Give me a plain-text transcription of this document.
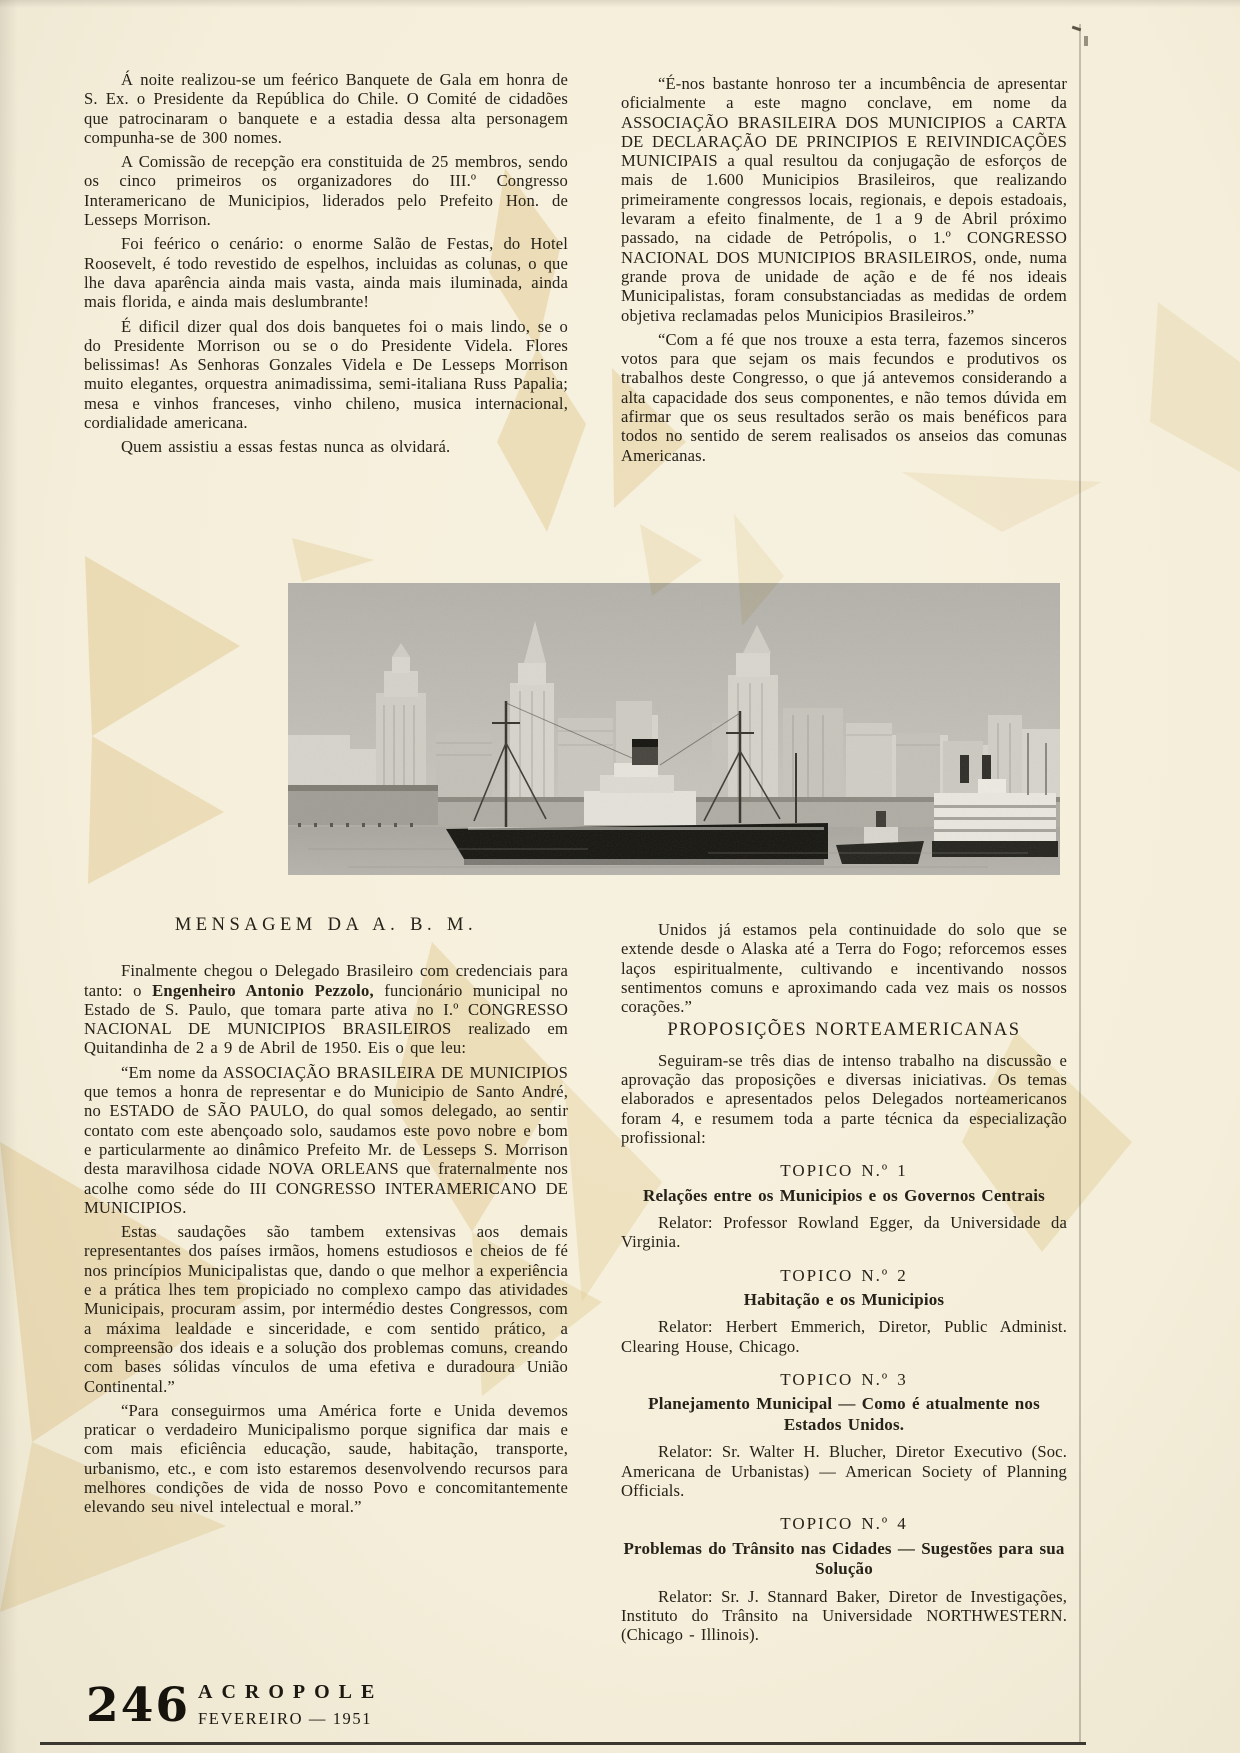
Á noite realizou-se um feérico Banquete de Gala em honra de S. Ex. o Presidente da República do Chile. O Comité de cidadões que patrocinaram o banquete e a estadia dessa alta personagem compunha-se de 300 nomes.

A Comissão de recepção era constituida de 25 membros, sendo os cinco primeiros os organizadores do III.º Congresso Interamericano de Municipios, liderados pelo Prefeito Hon. de Lesseps Morrison.

Foi feérico o cenário: o enorme Salão de Festas, do Hotel Roosevelt, é todo revestido de espelhos, incluidas as colunas, o que lhe dava aparência ainda mais vasta, ainda mais iluminada, ainda mais florida, e ainda mais deslumbrante!

É dificil dizer qual dos dois banquetes foi o mais lindo, se o do Presidente Morrison ou se o do Presidente Videla. Flores belissimas! As Senhoras Gonzales Videla e De Lesseps Morrison muito elegantes, orquestra animadissima, semi-italiana Russ Papalia; mesa e vinhos franceses, vinho chileno, musica internacional, cordialidade americana.

Quem assistiu a essas festas nunca as olvidará.

“É-nos bastante honroso ter a incumbência de apresentar oficialmente a este magno conclave, em nome da ASSOCIAÇÃO BRASILEIRA DOS MUNICIPIOS a CARTA DE DECLARAÇÃO DE PRINCIPIOS E REIVINDICAÇÕES MUNICIPAIS a qual resultou da conjugação de esforços de mais de 1.600 Municipios Brasileiros, que realizando primeiramente congressos locais, regionais, e depois estadoais, levaram a efeito finalmente, de 1 a 9 de Abril próximo passado, na cidade de Petrópolis, o 1.º CONGRESSO NACIONAL DOS MUNICIPIOS BRASILEIROS, onde, numa grande prova de unidade de ação e de fé nos ideais Municipalistas, foram consubstanciadas as medidas de ordem objetiva reclamadas pelos Municipios Brasileiros.”

“Com a fé que nos trouxe a esta terra, fazemos sinceros votos para que sejam os mais fecundos e produtivos os trabalhos deste Congresso, o que já antevemos considerando a alta capacidade dos seus componentes, e não temos dúvida em afirmar que os seus resultados serão os mais benéficos para todos no sentido de serem realisados os anseios das comunas Americanas.

MENSAGEM DA A. B. M.

Finalmente chegou o Delegado Brasileiro com credenciais para tanto: o Engenheiro Antonio Pezzolo, funcionário municipal no Estado de S. Paulo, que tomara parte ativa no I.º CONGRESSO NACIONAL DE MUNICIPIOS BRASILEIROS realizado em Quitandinha de 2 a 9 de Abril de 1950. Eis o que leu:

“Em nome da ASSOCIAÇÃO BRASILEIRA DE MUNICIPIOS que temos a honra de representar e do Municipio de Santo André, no ESTADO de SÃO PAULO, do qual somos delegado, ao sentir contato com este abençoado solo, saudamos este povo nobre e bom e particularmente ao dinâmico Prefeito Mr. de Lesseps S. Morrison desta maravilhosa cidade NOVA ORLEANS que fraternalmente nos acolhe como séde do III CONGRESSO INTERAMERICANO DE MUNICIPIOS.

Estas saudações são tambem extensivas aos demais representantes dos países irmãos, homens estudiosos e cheios de fé nos princípios Municipalistas que, dando o que melhor a experiência e a prática lhes tem propiciado no complexo campo das atividades Municipais, procuram assim, por intermédio destes Congressos, com a máxima lealdade e sinceridade, e com sentido prático, a compreensão dos ideais e a solução dos problemas comuns, creando com bases sólidas vínculos de uma efetiva e duradoura União Continental.”

“Para conseguirmos uma América forte e Unida devemos praticar o verdadeiro Municipalismo porque significa dar mais e com mais eficiência educação, saude, habitação, transporte, urbanismo, etc., e com isto estaremos desenvolvendo recursos para melhores condições de vida de nosso Povo e concomitantemente elevando seu nivel intelectual e moral.”

Unidos já estamos pela continuidade do solo que se extende desde o Alaska até a Terra do Fogo; reforcemos esses laços espiritualmente, cultivando e incentivando nossos sentimentos comuns e aproximando cada vez mais os nossos corações.”

PROPOSIÇÕES NORTEAMERICANAS

Seguiram-se três dias de intenso trabalho na discussão e aprovação das proposições e diversas iniciativas. Os temas elaborados e apresentados pelos Delegados norteamericanos foram 4, e resumem toda a parte técnica da especialização profissional:

TOPICO N.º 1
Relações entre os Municipios e os Governos Centrais

Relator: Professor Rowland Egger, da Universidade da Virginia.

TOPICO N.º 2
Habitação e os Municipios

Relator: Herbert Emmerich, Diretor, Public Administ. Clearing House, Chicago.

TOPICO N.º 3
Planejamento Municipal — Como é atualmente nos Estados Unidos.

Relator: Sr. Walter H. Blucher, Diretor Executivo (Soc. Americana de Urbanistas) — American Society of Planning Officials.

TOPICO N.º 4
Problemas do Trânsito nas Cidades — Sugestões para sua Solução

Relator: Sr. J. Stannard Baker, Diretor de Investigações, Instituto do Trânsito na Universidade NORTHWESTERN. (Chicago - Illinois).

246 ACROPOLE
FEVEREIRO — 1951
